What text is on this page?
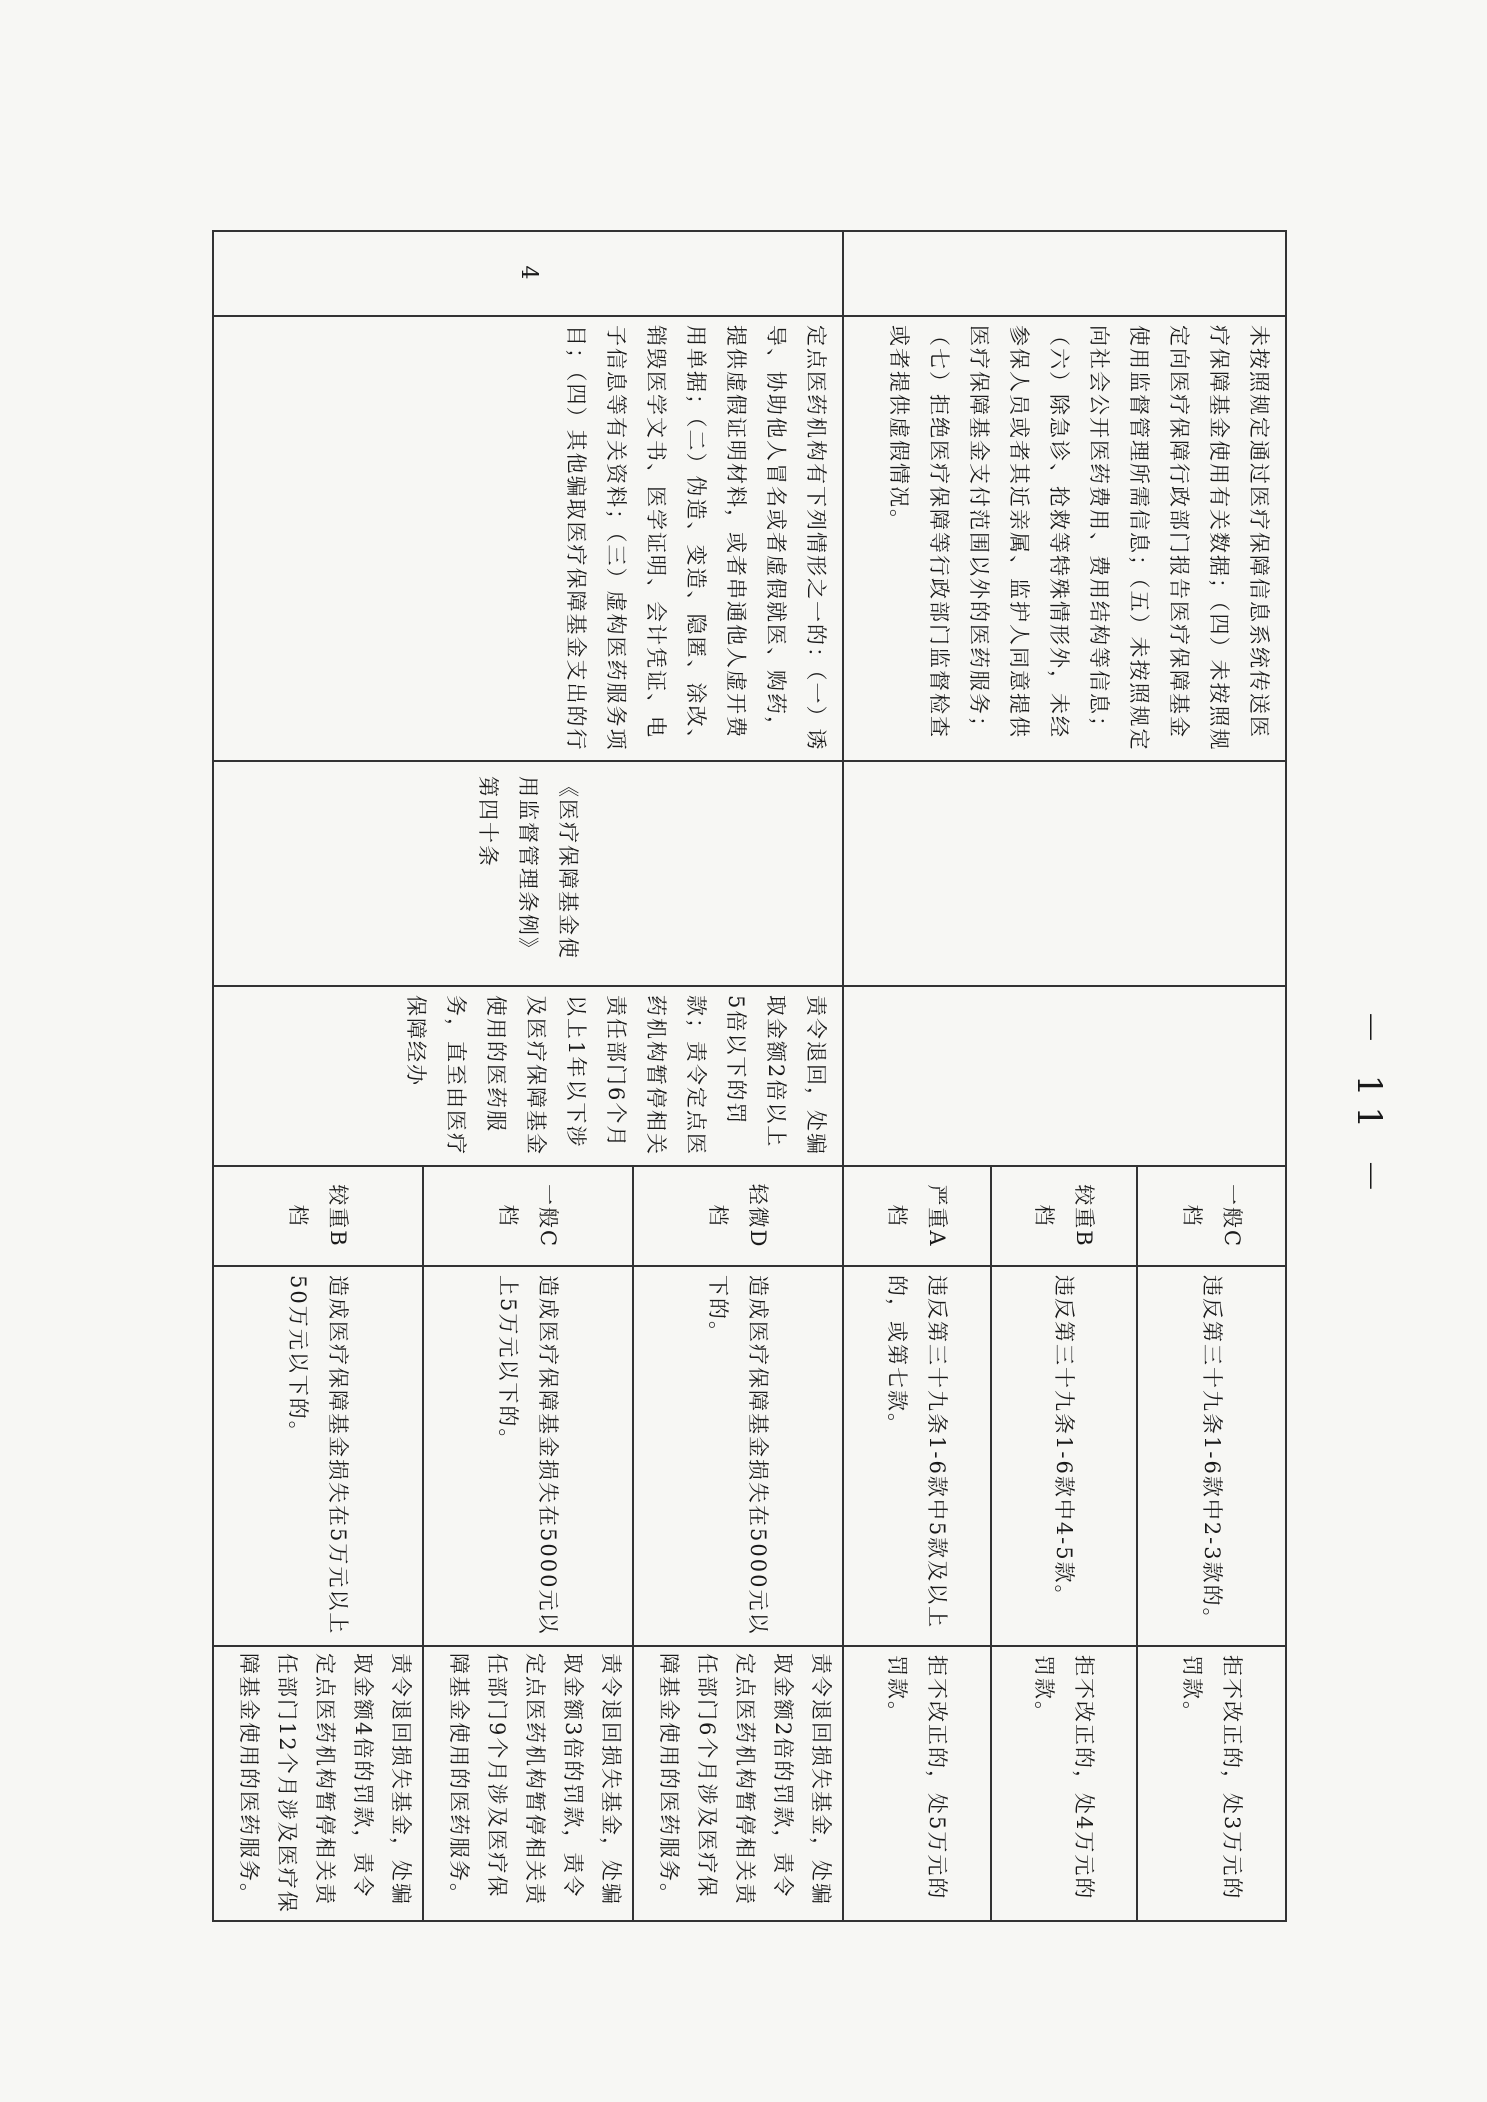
－ 11 －
	未按照规定通过医疗保障信息系统传送医疗保障基金使用有关数据；（四）未按照规定向医疗保障行政部门报告医疗保障基金使用监督管理所需信息；（五）未按照规定向社会公开医药费用、费用结构等信息；（六）除急诊、抢救等特殊情形外，未经参保人员或者其近亲属、监护人同意提供医疗保障基金支付范围以外的医药服务；（七）拒绝医疗保障等行政部门监督检查或者提供虚假情况。			一般C档	违反第三十九条1-6款中2-3款的。	拒不改正的，处3万元的罚款。
				较重B档	违反第三十九条1-6款中4-5款。	拒不改正的，处4万元的罚款。
				严重A档	违反第三十九条1-6款中5款及以上的，或第七款。	拒不改正的，处5万元的罚款。
4	定点医药机构有下列情形之一的：（一）诱导、协助他人冒名或者虚假就医、购药，提供虚假证明材料，或者串通他人虚开费用单据；（二）伪造、变造、隐匿、涂改、销毁医学文书、医学证明、会计凭证、电子信息等有关资料；（三）虚构医药服务项目；（四）其他骗取医疗保障基金支出的行	《医疗保障基金使用监督管理条例》第四十条	责令退回，处骗取金额2倍以上5倍以下的罚款；责令定点医药机构暂停相关责任部门6个月以上1年以下涉及医疗保障基金使用的医药服务，直至由医疗保障经办	轻微D档	造成医疗保障基金损失在5000元以下的。	责令退回损失基金，处骗取金额2倍的罚款，责令定点医药机构暂停相关责任部门6个月涉及医疗保障基金使用的医药服务。
				一般C档	造成医疗保障基金损失在5000元以上5万元以下的。	责令退回损失基金，处骗取金额3倍的罚款，责令定点医药机构暂停相关责任部门9个月涉及医疗保障基金使用的医药服务。
				较重B档	造成医疗保障基金损失在5万元以上50万元以下的。	责令退回损失基金，处骗取金额4倍的罚款，责令定点医药机构暂停相关责任部门12个月涉及医疗保障基金使用的医药服务。
